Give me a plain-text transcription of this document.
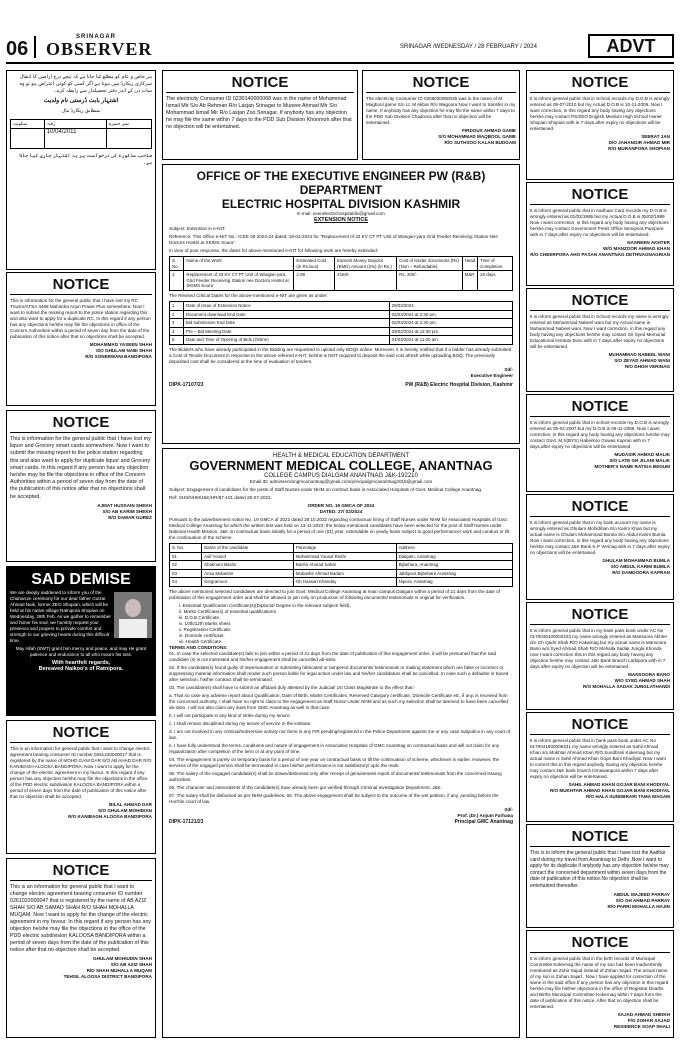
06
SRINAGAR
OBSERVER	SRINAGAR /WEDNESDAY / 28 FEBRUARY / 2024	ADVT
ہر خاص و عام کو مطلع کیا جاتا ہے کہ نیچے درج اراضی کا انتقال
سرکاری ریکارڈ میں ہونا ہے اگر کسی کو کوئی اعتراض ہو تو وہ
سات دن کے اندر دفتر تحصیلدار سے رابطہ کرے۔
اشتہار بابت دُرستی نام ولدیت
بمطابق ریکارڈ مال
نمبر خسرہ	رقبہ	سکونت
	10/04/2011	
صاحب مذکورہ کی درخواست پر یہ اشتہار جاری کیا جاتا ہے۔
NOTICE

This is information for the general public that I have lost my RC Tractor/ATSA 4468 Mahindra Arjun Power Plus somewhere. Now I want to submit the missing report to the police station regarding this and also want to apply for a duplicate RC. In this regard if any person has any objections he/she may file the objections in office of the Concern Authorities within a period of seven day from the date of the publication of this notice after that no objections shall be accepted.

MOHAMMAD YASEEN SHAH
S/O GHULAM NABI SHAH
R/O SONERWANI BANDIPORA
NOTICE

This is information for the general public that I have lost my liquor and Grocery smart cards somewhere. Now I want to submit the missing report to the police station regarding this and also want to apply for duplicate liquor and Grocery smart cards. In this regard if any person has any objection he/she may be file the objections in office of the Concern Authorities within a period of seven day from the date of the publication of this notice after that no objections shall be accepted.

AJMAT HUSSAIN SHEKH
S/O AB KARIM SHEKH
R/O DAWAR GUREZ
SAD DEMISE

We are deeply saddened to inform you of the Chaharum ceremony for our dear father Gulzar Ahmad Naik, former ZEO Shopian, which will be held at his native village Ratnipora Shopian on Wednesday, 28th Feb. As we gather to remember and honor his soul, we humbly request your presence and prayers to provide comfort and strength to our grieving hearts during this difficult time.

May Allah (SWT) grant him mercy and peace, and may He grant patience and endurance to all who mourn his loss.

With heartfelt regards,
Bereaved Naikoo's of Ratnipora.
NOTICE

This is an information for general public that I want to change electric agreement bearing consumer ID number 0261220000017 that is registered by the name of MOHD GANI DAR S/O AB AHAD DAR R/O KANIBAGH ALOOSA BANDIPORA. Now I want to apply for the change of the electric agreement in my favour. In this regard if any person has any objection he/she may file the objections in the office of the PDD electric subdivision KALOOSA BANDIPORA within a period of seven days from the date of publication of this notice after that no objection shall be accepted.

BILAL AHMAD DAR
S/O GHULAM MOHIDIAN
R/O KANIBAGH ALOOSA BANDIPORA
NOTICE

This is an information for general public that I want to change electric agreement bearing consumer ID number 0261022000047 that is registered by the name of AB AZIZ SHAH S/O AB SAMAD SHAH R/O SHAH MOHALLA MUQAM. Now I want to apply for the change of the electric agreement in my favour. In this regard if any person has any objection he/she may file the objections in the office of the PDD electric subdivision KALOOSA BANDIPORA within a period of seven days from the date of the publication of this notice after that no objection shall be accepted.

GHULAM MOHIUDIN SHAH
S/O AB AZIZ SHAH
R/O SHAH MUHALLA MUQAM
TEHSIL ALOOSA DISTRICT BANDIPORA
NOTICE

The electricity Consumer ID 0230140000068 was in the name of Mohammad Ismail Mir S/o Ab Rehman R/o Lasjan Srinagar to Muneer Ahmad Mir S/o Mohammad Ismail Mir R/o Lasjan Zoo Srinagar. If anybody has any objection he may file the same within 7 days to the PDD Sub Division Khonmoh after that no objection will be entertained.

NOTICE

The electricity Consumer ID 0208020080036 was in the name of M Magbool game S/o Lt. M Akbar R/o Wagoora Now I want to transfer in my name. If anybody has any objection he may file the same within 7 days to the PDD Sub Division Chadoora after that no objection will be entertained.

FIRDOUS AHMAD GAME
S/O MOHAMMAD MAQBOOL GAME
R/O SUTHSOO KALAN BUDGAM
OFFICE OF THE EXECUTIVE ENGINEER PW (R&B) DEPARTMENT
ELECTRIC HOSPITAL DIVISION KASHMIR
E-mail: exenelectrichospitaldiv@gmail.com
EXTENSION NOTICE

Subject: Extension in e-NIT.

Reference: This Office e-NIT No.: ICEE 08 2023-24 dated: 19-02-2024 for "Replacement of 33 KV CT PT Unit of Wangan-yara Grid Feeder Receiving Station Nee Doctors Hostel at SKIMS Soura".

In view of poor response, the dates for above-mentioned e-NIT for following work are hereby extended:

S. No.	Name of the Work	Estimated Cost (in Rs.lacs)	Earnest Money Deposit (EMD) Amount (2%) (in Rs.)	Cost of tender documents (Rs) (Non – Refundable)	Head	Time of Completion
1	Replacement of 33 KV CT PT Unit of Wangan-yara Grid Feeder Receiving Station nee Doctors Hostel at SKIMS Soura	2.08	4160/-	Rs. 200/-	M&R	20 days

The Revised Critical Dates for the above-mentioned e-NIT are given as under:

1	Date of issue of Extension Notice	28/02/2024
2	Document download End Date	02/03/2024 at 2:30 pm.
3	Bid submission End Date	02/03/2024 at 2:30 pm.
4	Pre – Bid Meeting Date	29/02/2024 at 12:30 pm.
5	Date and Time of Opening of Bids (Online)	04/03/2024 at 11:00 am.

The Bidders who have already participated in the Bidding are requested to upload only BOQs online. Moreover, it is hereby notified that if a bidder has already submitted a Cost of Tender Document in response to the above referred e-NIT, he/she is NOT required to deposit the said cost afresh while uploading BOQ. The previously deposited cost shall be considered at the time of evaluation of tenders.

Sd/-
Executive Engineer
DIPK-17107/23	PW (R&B) Electric Hospital Division, Kashmir
HEALTH & MEDICAL EDUCATION DEPARTMENT
GOVERNMENT MEDICAL COLLEGE, ANANTNAG
COLLEGE CAMPUS DIALGAM ANANTNAG J&K-192210
Email ID: adminsectiongmcanantnag@gmail.com/principalgmcanantnag2018@gmail.com

Subject: Engagement of candidates for the posts of Staff Nurses under NHM on contract basis in Associated Hospitals of Govt. Medical College Anantnag.

Ref: SHS/NHM/J&K/HR/87-101 dated 25-07-2022.

ORDER NO. 19 GMCA OF 2024
DATED: 27/ 02/2024

Pursuant to the advertisement notice No. 19 GMCA of 2022 dated 28.10.2022 regarding contractual hiring of Staff Nurses under NHM for Associated Hospitals of Govt. Medical College Anantnag for which the written test was held on 13-11-2022; the below mentioned candidates have been selected for the post of Staff Nurses under National Health Mission, J&K on contractual basis initially for a period of one (01) year, extendable on yearly basis subject to good performance/ work and conduct or till the continuation of the scheme.

S. No.	Name of the candidate	Parentage	Address
01	Asif Yousuf	Mohammad Yousuf Reshi	Dialgam, Anantnag
02	Shabnam Bashir	Bashir Ahmad Sahar	Bijbehara, Anantnag
03	Ansa Mubashir	Mubashir Ahmad Badam	Jablipora Bijbehara Anantnag
04	Sorgramoor	Gh Hassan Khanday	Nipora, Anantnag

The above mentioned selected candidates are directed to join Govt. Medical College Anantnag at main campus Dialgam within a period of 21 days from the date of publication of this engagement order and shall be allowed to join only on production of following documents/ testimonials in original for verification.

i. Essential Qualification Certificate(s)(Diploma/ Degree in the relevant subject/ field).
ii. Marks Certificate(s) of essential qualifications.
iii. D.O.B Certificate.
iv. 10th/12th Marks sheet.
v. Registration Certificate.
vi. Domicile certificate.
vii. Health Certificate.
TERMS AND CONDITIONS:

01. In case the selected candidate(s) fails to join within a period of 21 days from the date of publication of this engagement order, it will be presumed that the said candidate (s) is not interested and his/her engagement shall be cancelled ab-initio.

02. If the candidate(s) found guilty of impersonation or submitting fabricated or tampered documents/ testimonials or making statement which are false or incorrect or suppressing material information shall render such person liable for legal action under law and his/her candidature shall be cancelled. In case such a defaulter is traced after selection, his/her contract shall be terminated.

03. The candidate(s) shall have to submit an affidavit duly attested by the Judicial/ 1st Class Magistrate to the effect that:-

a. That no case any adverse report about Qualification, Date of Birth, Marks Certificates, Reserved Category certificate, Domicile Certificate etc, if any, is received from the concerned authority, I shall have no right to claim to the engagement as Staff Nurse Under NHM and as such my selection shall be deemed to have been cancelled ab-initio. I will not also claim any dues from GMC Anantnag as well in that case.

b. I will not participate in any kind of strike during my tenure.

c. I shall remain disciplined during my tenure of service in the institute.

d. I am not involved in any criminal/subversive activity nor there is any FIR pending/registered in the Police Department against me or any case subjudice in any court of law.

e. I have fully understood the terms, conditions and nature of engagement in Associated Hospitals of GMC Anantnag on contractual basis and will not claim for any regularization after completion of the term or at any point of time.

04. The engagement is purely on temporary basis for a period of one year on contractual basis or till the continuation of scheme, whichever is earlier. However, the services of the engaged person shall be terminated in case his/her performance is not satisfactory/ upto the mark.

05. The salary of the engaged candidate(s) shall be drawn/disbursed only after receipt of genuineness report of documents/ testimonials from the concerned issuing authorities.

06. The character and antecedents of the candidate(s) have already been got verified through Criminal Investigation Department, J&K.

07. The salary shall be disbursed as per NHM guidelines. 08. The above engagement shall be subject to the outcome of the writ petition, if any, pending before the Hon'ble court of law.

Sd/-
Prof. (Dr.) Anjum Farhana
DIPK-17121/23	Principal GMC Anantnag
NOTICE

It is inform general public that in School records my D.O.B is wrongly entered as 05-07-2010 but my Actual D.O.B is 10-11-2009. Now I want correction, in this regard any body having any objections he/she may contact PS/ZEO English Medium High School Haner Shopian Shopian with in 7 days,after expiry no objections will be entertained.

SEERAT JAN
D/O JAHANGIR AHMAD MIR
R/O MURANPORA SHOPIAN
NOTICE

It is inform general public that in Aadhaar Card records my D.O.B is wrongly entered as 01/02/1995 but my Actual D.O.B is 05/02/1999 Now I want correction, in this regard any body having any objections he/she may contact Government Press Office Semipora Pampore with in 7 days,after expiry no objections will be entertained.

NASREEN AKHTER
W/O MANZOOR AHMAD KHAN
R/O CHEERPORA AHO PASAN ANANTNAG DETHNAGNAGRIAN
NOTICE

It is inform general public that in School records my name is wrongly entered as Mohammad Nabeel wani but my Actual name is Muhammad Nabeel wani. Now I want correction, in this regard any body having any objections he/she may contact Sir Syed Memorial Educational Institute Doru with in 7 days,after expiry no objections will be entertained.

MUHAMMAD NABEEL WANI
S/O ZEYAD AHMAD WANI
R/O DHOH VERINAG
NOTICE

It is inform general public that in school records my D.O.B is wrongly entered as 05-02-2007 but my D.O.B is 05-11-2006. Now I want correction, in this regard any body having any objections he/she may contact Govt. M.S(BYS) Haberkoo Gowas Kapran with in 7 days,after expiry no objections will be entertained.

MUDASIR AHMAD MALIK
S/O LATE GH JILANI MALIK
MOTHER'S NAME RATIGA BEGUM
NOTICE

It is inform general public that in my bank account my name is wrongly entered as Ghulam Mohidihan S/o Karim Khan but my actual name is Ghulam Mohammad Bumla S/o Abdul Karim Bumla. Now I want correction, in this regard any body having any objections he/she may contact J&K Bank K.P Verinag with in 7 days,after expiry no objections will be entertained.

GHULAM MOHAMMAD BUMLA
S/O ABDUL KARIM BUMLA
R/O DAMDOORA KAPRAN
NOTICE

It is inform general public that in my bank pass book under AC No 0170040100002223 my name wrongly entered as Mansoora Akhter d/o Gh Qadir Shah R/O Kakarnag but my actual name is Mansoora Bano w/o Syed Ahmad Shah R/O Mohalla Sadak Jungla Khonda now I want correction this.In this regard any body having any objection he/she may contact J&K Bank Branch Larkipora with in 7 days after expiry no objection will be entertained.

MANSOORA BANO
W/O SYED AHMAD SHAH
R/O MOHALLA SADAK JUNGLATHANDI
NOTICE

It is inform general public that in bank pass book under AC No 0170041500008331 my name wrongly entered as Sahil Ahmad Khan s/o Mukhtar Ahmad Khan R/O Sundbrari Kokernag but my actual name is Sahil Ahmad Khan Gojar Bani Khodiyal. Now I want to correct this.In this regard anybody having any objection he/she may contact J&K bank branch Hrnawanpora within 7 days after expiry no objection will be entertained.

SAHIL AHMAD KHAN GOJAR BANI KHODIYAL
R/O MUKHTAR AHMAD KHAN GOJAR BANI KHODIYAL
R/O HALA SUNDBRARI TAMA MAGAM
NOTICE

This is to inform the general public that I have lost the Aadhar card during my travel from Anantnag to Delhi .Now I want to apply for its duplicate if anybody has any objection he/she may contact the concerned department within seven days from the date of publication of this notice.No objection shall be entertained thereafter.

ABDUL MAJEED PARRAY
S/O GH AHMAD PARRAY
R/O PARRI MOHALLA HAJIN
NOTICE

It is inform general public that in the birth records of Municipal Committee Kokernag the name of my son has been inadvertently mentioned as Zohir Sajad instead of Zohan Sajad. The actual name of my son is Zohan Sajad . Now I have applied for correction of the same in the said office.If any person has any objection in this regard he/she may file his/her objections in the office of Registrar Deaths and Births Municipal Committee Kokernag within 7 days from the date of publication of this notice. After that no objection shall be entertained.

SAJAD AHMAD SHEIKH
F/O ZOHAN SAJAD
RESIDENCE SOAP SHALI
